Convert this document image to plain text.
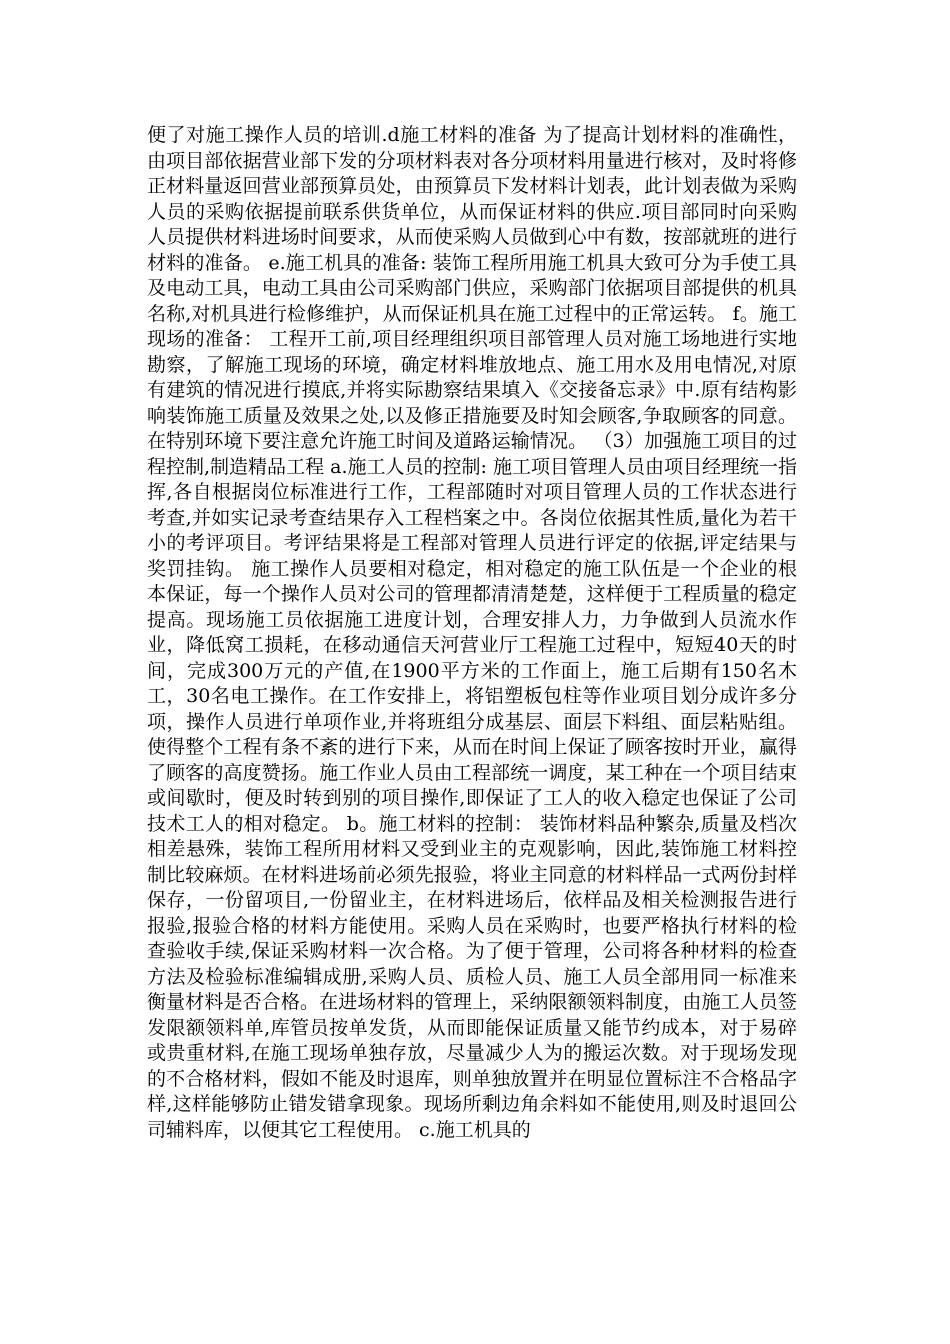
便了对施工操作人员的培训.d施工材料的准备 为了提高计划材料的准确性，由项目部依据营业部下发的分项材料表对各分项材料用量进行核对，及时将修正材料量返回营业部预算员处，由预算员下发材料计划表，此计划表做为采购人员的采购依据提前联系供货单位，从而保证材料的供应.项目部同时向采购人员提供材料进场时间要求，从而使采购人员做到心中有数，按部就班的进行材料的准备。 e.施工机具的准备: 装饰工程所用施工机具大致可分为手使工具及电动工具，电动工具由公司采购部门供应，采购部门依据项目部提供的机具名称,对机具进行检修维护，从而保证机具在施工过程中的正常运转。 f。施工现场的准备： 工程开工前,项目经理组织项目部管理人员对施工场地进行实地勘察，了解施工现场的环境，确定材料堆放地点、施工用水及用电情况,对原有建筑的情况进行摸底,并将实际勘察结果填入《交接备忘录》中.原有结构影响装饰施工质量及效果之处,以及修正措施要及时知会顾客,争取顾客的同意。在特别环境下要注意允许施工时间及道路运输情况。 （3）加强施工项目的过程控制,制造精品工程 a.施工人员的控制: 施工项目管理人员由项目经理统一指挥,各自根据岗位标准进行工作，工程部随时对项目管理人员的工作状态进行考查,并如实记录考查结果存入工程档案之中。各岗位依据其性质,量化为若干小的考评项目。考评结果将是工程部对管理人员进行评定的依据,评定结果与奖罚挂钩。 施工操作人员要相对稳定，相对稳定的施工队伍是一个企业的根本保证，每一个操作人员对公司的管理都清清楚楚，这样便于工程质量的稳定提高。现场施工员依据施工进度计划，合理安排人力，力争做到人员流水作业，降低窝工损耗，在移动通信天河营业厅工程施工过程中，短短40天的时间，完成300万元的产值,在1900平方米的工作面上，施工后期有150名木工，30名电工操作。在工作安排上，将铝塑板包柱等作业项目划分成许多分项，操作人员进行单项作业,并将班组分成基层、面层下料组、面层粘贴组。使得整个工程有条不紊的进行下来，从而在时间上保证了顾客按时开业，赢得了顾客的高度赞扬。施工作业人员由工程部统一调度，某工种在一个项目结束或间歇时，便及时转到别的项目操作,即保证了工人的收入稳定也保证了公司技术工人的相对稳定。 b。施工材料的控制： 装饰材料品种繁杂,质量及档次相差悬殊，装饰工程所用材料又受到业主的克观影响，因此,装饰施工材料控制比较麻烦。在材料进场前必须先报验，将业主同意的材料样品一式两份封样保存，一份留项目,一份留业主，在材料进场后，依样品及相关检测报告进行报验,报验合格的材料方能使用。采购人员在采购时，也要严格执行材料的检查验收手续,保证采购材料一次合格。为了便于管理，公司将各种材料的检查方法及检验标准编辑成册,采购人员、质检人员、施工人员全部用同一标准来衡量材料是否合格。在进场材料的管理上，采纳限额领料制度，由施工人员签发限额领料单,库管员按单发货，从而即能保证质量又能节约成本，对于易碎或贵重材料,在施工现场单独存放，尽量减少人为的搬运次数。对于现场发现的不合格材料，假如不能及时退库，则单独放置并在明显位置标注不合格品字样,这样能够防止错发错拿现象。现场所剩边角余料如不能使用,则及时退回公司辅料库，以便其它工程使用。 c.施工机具的
